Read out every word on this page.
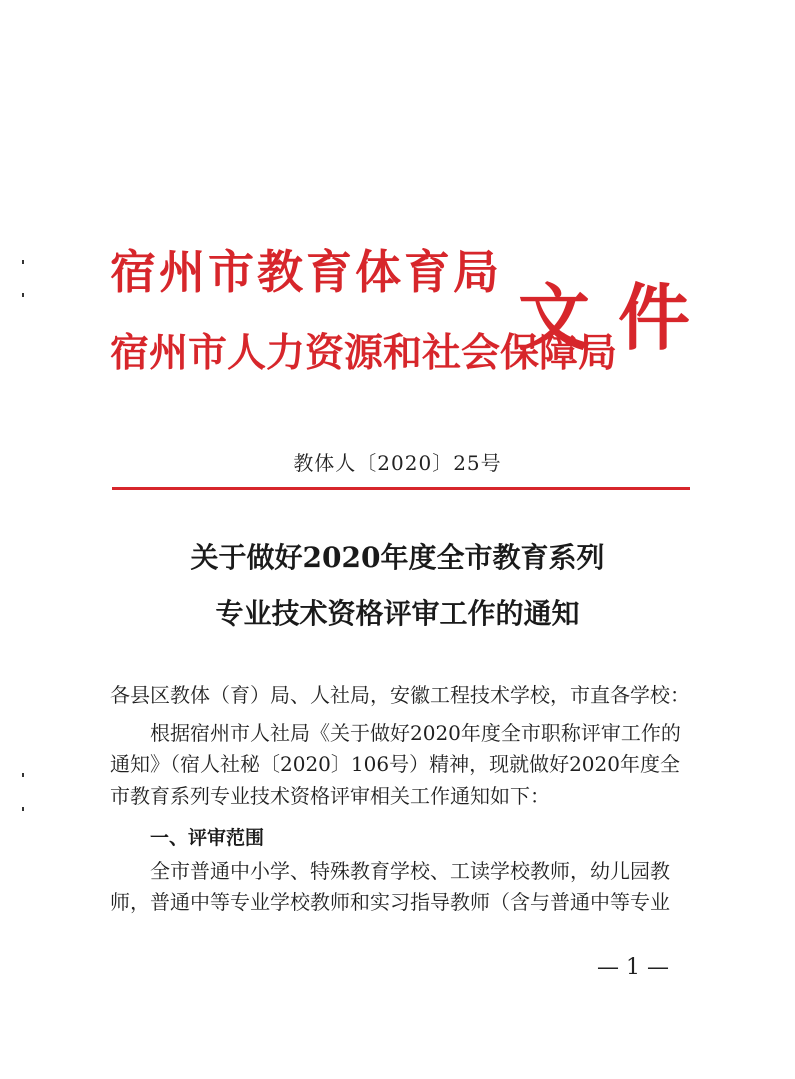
宿州市教育体育局
宿州市人力资源和社会保障局
文件
教体人〔2020〕25号
关于做好2020年度全市教育系列
专业技术资格评审工作的通知
各县区教体（育）局、人社局，安徽工程技术学校，市直各学校：
根据宿州市人社局《关于做好2020年度全市职称评审工作的
通知》（宿人社秘〔2020〕106号）精神，现就做好2020年度全
市教育系列专业技术资格评审相关工作通知如下：
一、评审范围
全市普通中小学、特殊教育学校、工读学校教师，幼儿园教
师，普通中等专业学校教师和实习指导教师（含与普通中等专业
— 1 —
